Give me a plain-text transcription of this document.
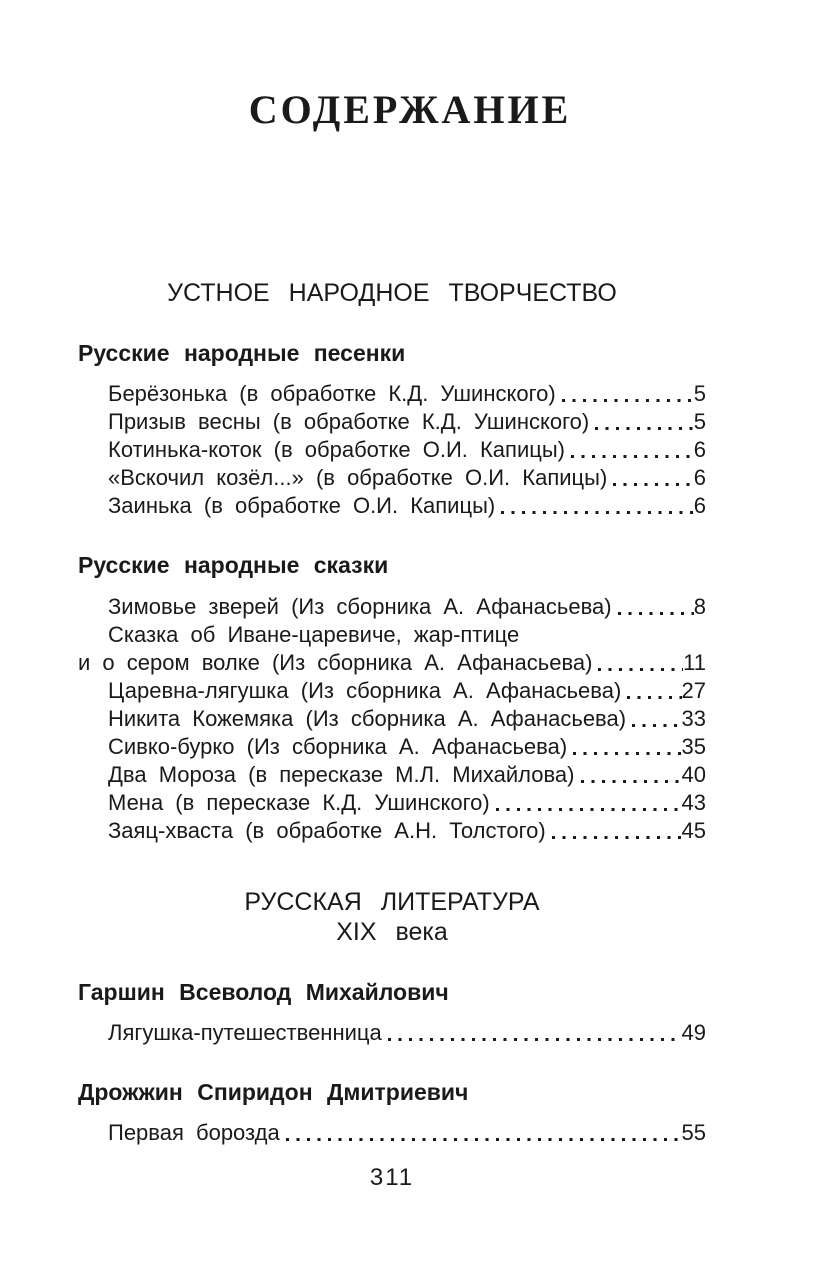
СОДЕРЖАНИЕ
УСТНОЕ НАРОДНОЕ ТВОРЧЕСТВО
Русские народные песенки
Берёзонька (в обработке К.Д. Ушинского)	5
Призыв весны (в обработке К.Д. Ушинского)	5
Котинька-коток (в обработке О.И. Капицы)	6
«Вскочил козёл...» (в обработке О.И. Капицы)	6
Заинька (в обработке О.И. Капицы)	6
Русские народные сказки
Зимовье зверей (Из сборника А. Афанасьева)	8
Сказка об Иване-царевиче, жар-птице
и о сером волке (Из сборника А. Афанасьева)	11
Царевна-лягушка (Из сборника А. Афанасьева)	27
Никита Кожемяка (Из сборника А. Афанасьева)	33
Сивко-бурко (Из сборника А. Афанасьева)	35
Два Мороза (в пересказе М.Л. Михайлова)	40
Мена (в пересказе К.Д. Ушинского)	43
Заяц-хваста (в обработке А.Н. Толстого)	45
РУССКАЯ ЛИТЕРАТУРА
XIX века
Гаршин Всеволод Михайлович
Лягушка-путешественница	49
Дрожжин Спиридон Дмитриевич
Первая борозда	55
311
